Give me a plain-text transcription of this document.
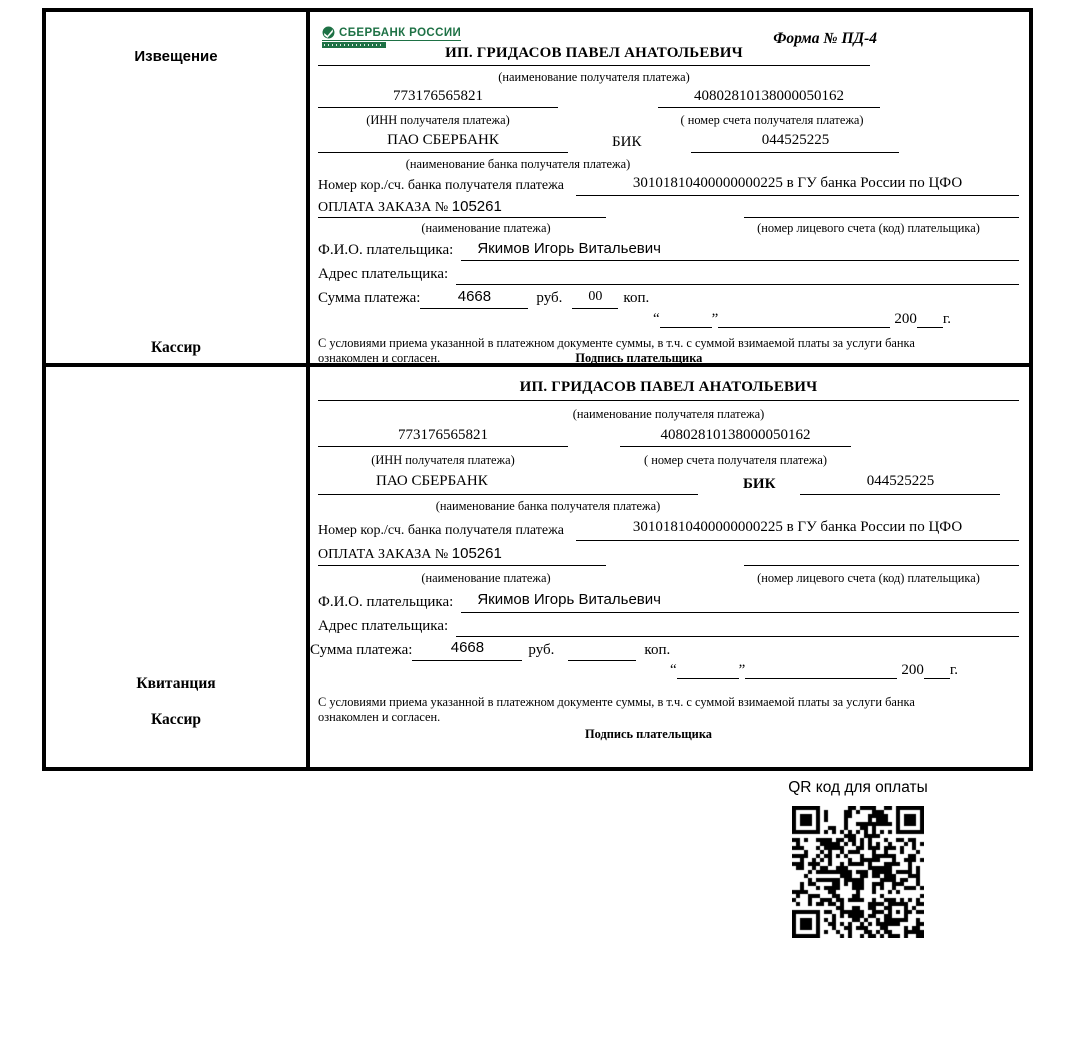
Извещение
Кассир
СБЕРБАНК РОССИИ	Форма № ПД-4
ИП. ГРИДАСОВ ПАВЕЛ АНАТОЛЬЕВИЧ
(наименование получателя платежа)
773176565821	40802810138000050162
(ИНН получателя платежа)	( номер счета получателя платежа)
ПАО СБЕРБАНК	БИК	044525225
(наименование банка получателя платежа)
Номер кор./сч. банка получателя платежа	30101810400000000225 в ГУ банка России по ЦФО
ОПЛАТА ЗАКАЗА № 105261
(наименование платежа)	(номер лицевого счета (код) плательщика)
Ф.И.О. плательщика:	Якимов Игорь Витальевич
Адрес плательщика:
Сумма платежа:	4668	руб.	00	коп.
“	”	200 г.
С условиями приема указанной в платежном документе суммы, в т.ч. с суммой взимаемой платы за услуги банка
ознакомлен и согласен.	Подпись плательщика
Квитанция
Кассир
ИП. ГРИДАСОВ ПАВЕЛ АНАТОЛЬЕВИЧ
(наименование получателя платежа)
773176565821	40802810138000050162
(ИНН получателя платежа)	( номер счета получателя платежа)
ПАО СБЕРБАНК	БИК	044525225
(наименование банка получателя платежа)
Номер кор./сч. банка получателя платежа	30101810400000000225 в ГУ банка России по ЦФО
ОПЛАТА ЗАКАЗА № 105261
(наименование платежа)	(номер лицевого счета (код) плательщика)
Ф.И.О. плательщика:	Якимов Игорь Витальевич
Адрес плательщика:
Сумма платежа:	4668	руб.	коп.
“	”	200 г.
С условиями приема указанной в платежном документе суммы, в т.ч. с суммой взимаемой платы за услуги банка
ознакомлен и согласен.
Подпись плательщика
QR код для оплаты
